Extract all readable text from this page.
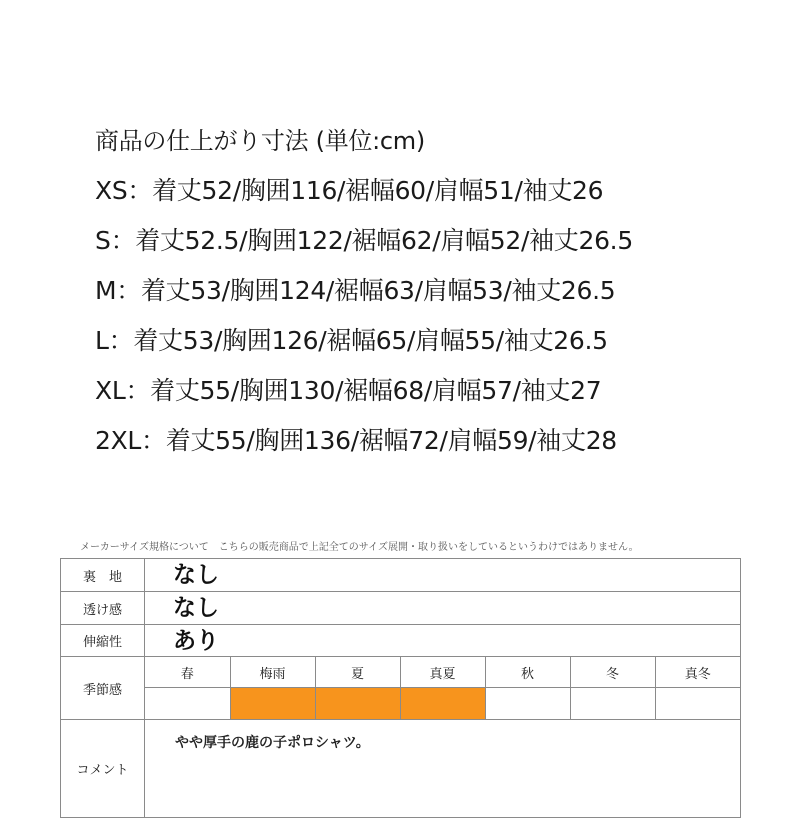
商品の仕上がり寸法 (単位:cm)
XS：着丈52/胸囲116/裾幅60/肩幅51/袖丈26
S：着丈52.5/胸囲122/裾幅62/肩幅52/袖丈26.5
M：着丈53/胸囲124/裾幅63/肩幅53/袖丈26.5
L：着丈53/胸囲126/裾幅65/肩幅55/袖丈26.5
XL：着丈55/胸囲130/裾幅68/肩幅57/袖丈27
2XL：着丈55/胸囲136/裾幅72/肩幅59/袖丈28
メーカーサイズ規格について　こちらの販売商品で上記全てのサイズ展開・取り扱いをしているというわけではありません。
裏　地	なし
透け感	なし
伸縮性	あり
季節感	
春	梅雨	夏	真夏	秋	冬	真冬

コメント	やや厚手の鹿の子ポロシャツ。
